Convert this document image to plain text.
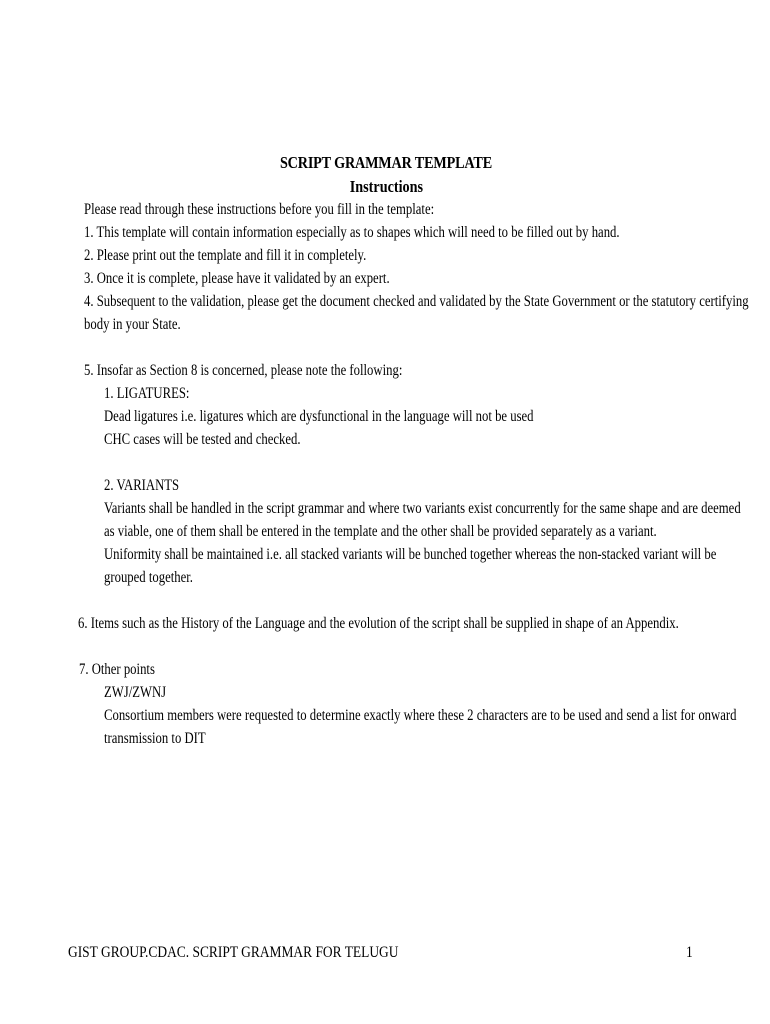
SCRIPT GRAMMAR TEMPLATE
Instructions
Please read through these instructions before you fill in the template:
1. This template will contain information especially as to shapes which will need to be filled out by hand.
2. Please print out the template and fill it in completely.
3. Once it is complete, please have it validated by an expert.
4. Subsequent to the validation, please get the document checked and validated by the State Government or the statutory certifying
body in your State.
5. Insofar as Section 8 is concerned, please note the following:
1. LIGATURES:
Dead ligatures i.e. ligatures which are dysfunctional in the language will not be used
CHC cases will be tested and checked.
2. VARIANTS
Variants shall be handled in the script grammar and where two variants exist concurrently for the same shape and are deemed
as viable, one of them shall be entered in the template and the other shall be provided separately as a variant.
Uniformity shall be maintained i.e. all stacked variants will be bunched together whereas the non-stacked variant will be
grouped together.
6. Items such as the History of the Language and the evolution of the script shall be supplied in shape of an Appendix.
7. Other points
ZWJ/ZWNJ
Consortium members were requested to determine exactly where these 2 characters are to be used and send a list for onward
transmission to DIT
GIST GROUP.CDAC. SCRIPT GRAMMAR FOR TELUGU	1
